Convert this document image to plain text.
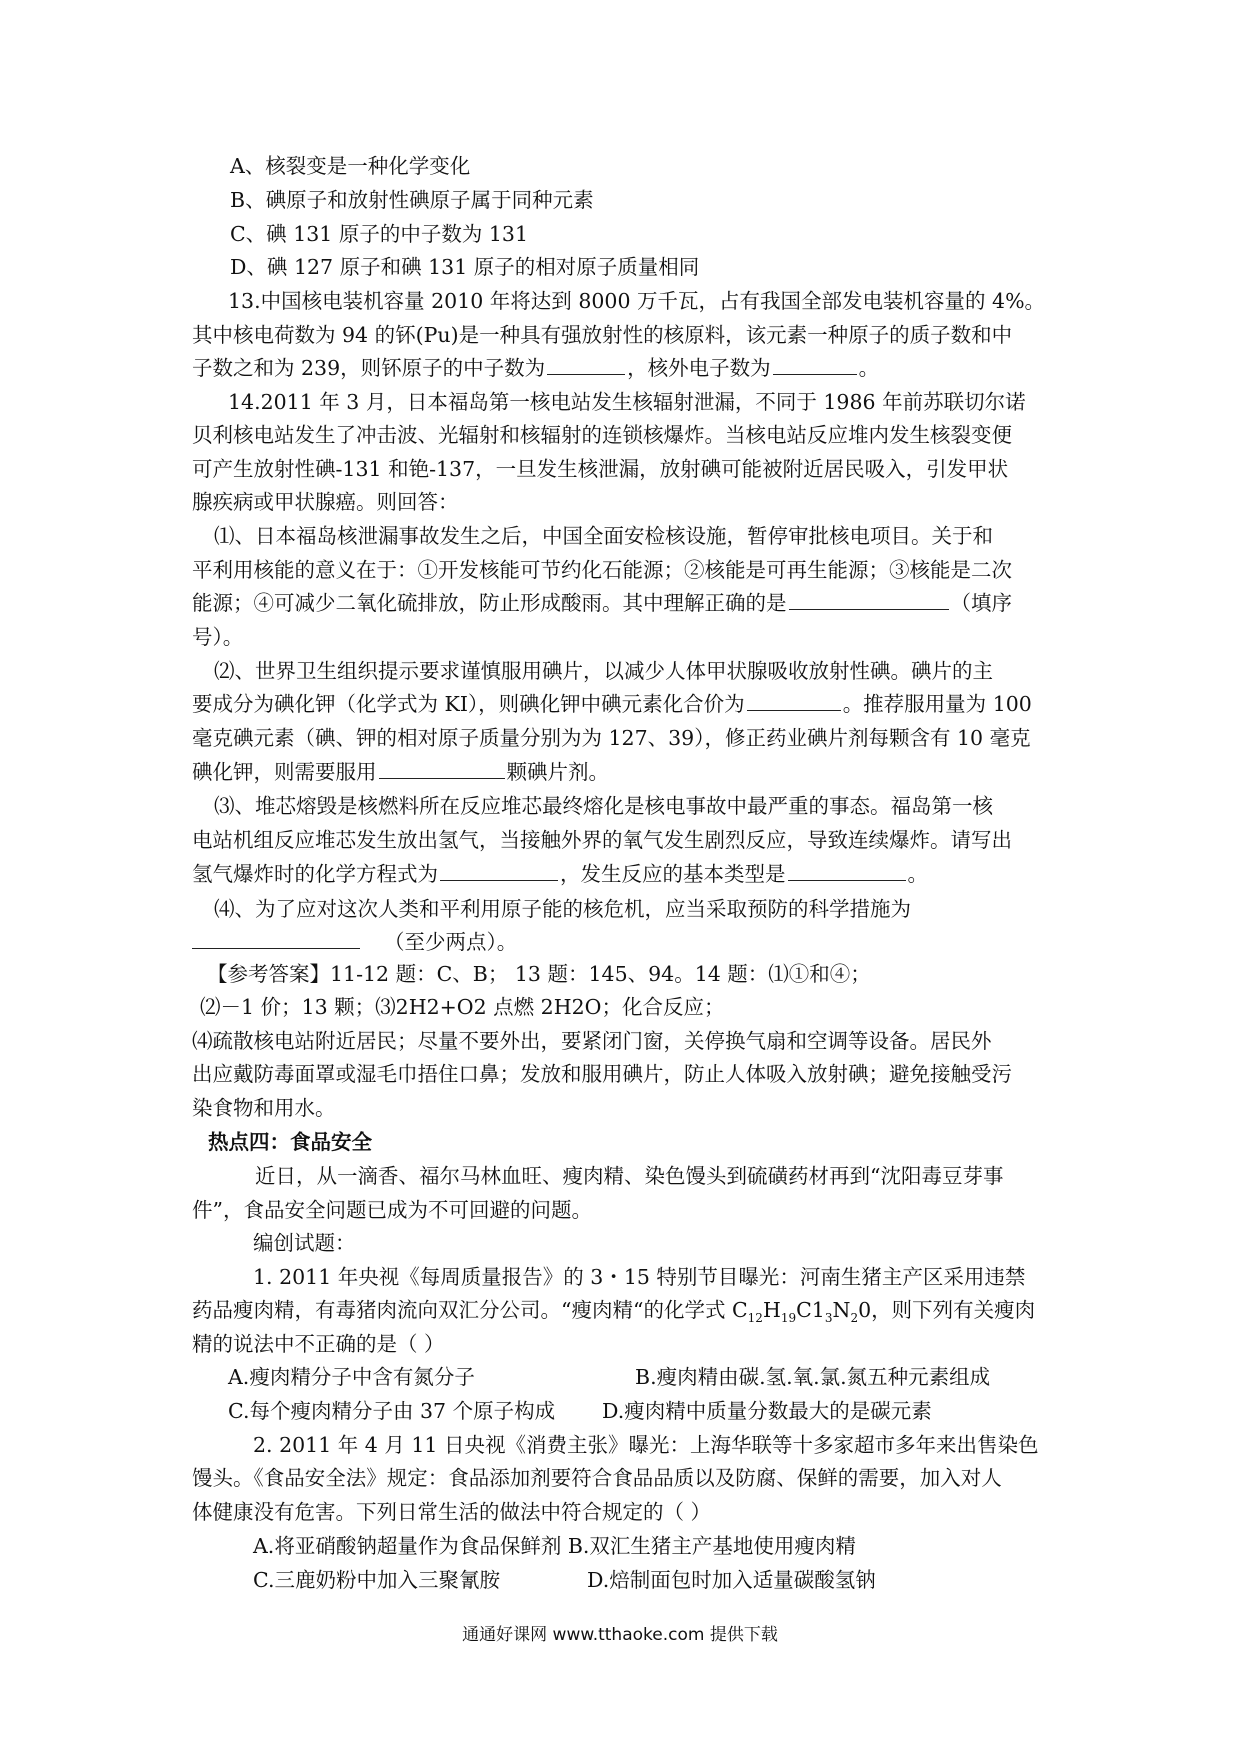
A、核裂变是一种化学变化
B、碘原子和放射性碘原子属于同种元素
C、碘 131 原子的中子数为 131
D、碘 127 原子和碘 131 原子的相对原子质量相同
13.中国核电装机容量 2010 年将达到 8000 万千瓦，占有我国全部发电装机容量的 4%。
其中核电荷数为 94 的钚(Pu)是一种具有强放射性的核原料，该元素一种原子的质子数和中
子数之和为 239，则钚原子的中子数为	，核外电子数为	。
14.2011 年 3 月，日本福岛第一核电站发生核辐射泄漏，不同于 1986 年前苏联切尔诺
贝利核电站发生了冲击波、光辐射和核辐射的连锁核爆炸。当核电站反应堆内发生核裂变便
可产生放射性碘-131 和铯-137，一旦发生核泄漏，放射碘可能被附近居民吸入，引发甲状
腺疾病或甲状腺癌。则回答：
⑴、日本福岛核泄漏事故发生之后，中国全面安检核设施，暂停审批核电项目。关于和
平利用核能的意义在于：①开发核能可节约化石能源；②核能是可再生能源；③核能是二次
能源；④可减少二氧化硫排放，防止形成酸雨。其中理解正确的是	（填序
号）。
⑵、世界卫生组织提示要求谨慎服用碘片，以减少人体甲状腺吸收放射性碘。碘片的主
要成分为碘化钾（化学式为 KI），则碘化钾中碘元素化合价为	。推荐服用量为 100
毫克碘元素（碘、钾的相对原子质量分别为为 127、39），修正药业碘片剂每颗含有 10 毫克
碘化钾，则需要服用	颗碘片剂。
⑶、堆芯熔毁是核燃料所在反应堆芯最终熔化是核电事故中最严重的事态。福岛第一核
电站机组反应堆芯发生放出氢气，当接触外界的氧气发生剧烈反应，导致连续爆炸。请写出
氢气爆炸时的化学方程式为	，发生反应的基本类型是	。
⑷、为了应对这次人类和平利用原子能的核危机，应当采取预防的科学措施为
（至少两点）。
【参考答案】11-12 题：C、B； 13 题：145、94。14 题：⑴①和④；
⑵－1 价；13 颗；⑶2H2+O2 点燃 2H2O；化合反应；
⑷疏散核电站附近居民；尽量不要外出，要紧闭门窗，关停换气扇和空调等设备。居民外
出应戴防毒面罩或湿毛巾捂住口鼻；发放和服用碘片，防止人体吸入放射碘；避免接触受污
染食物和用水。
热点四：食品安全
近日，从一滴香、福尔马林血旺、瘦肉精、染色馒头到硫磺药材再到“沈阳毒豆芽事
件”，食品安全问题已成为不可回避的问题。
编创试题：
1. 2011 年央视《每周质量报告》的 3・15 特别节目曝光：河南生猪主产区采用违禁
药品瘦肉精，有毒猪肉流向双汇分公司。“瘦肉精“的化学式 $C_{12}H_{19}C1_3N_20$，则下列有关瘦肉
精的说法中不正确的是（ ）
A.瘦肉精分子中含有氮分子	B.瘦肉精由碳.氢.氧.氯.氮五种元素组成
C.每个瘦肉精分子由 37 个原子构成 D.瘦肉精中质量分数最大的是碳元素
2. 2011 年 4 月 11 日央视《消费主张》曝光：上海华联等十多家超市多年来出售染色
馒头。《食品安全法》规定：食品添加剂要符合食品品质以及防腐、保鲜的需要，加入对人
体健康没有危害。下列日常生活的做法中符合规定的（ ）
A.将亚硝酸钠超量作为食品保鲜剂 B.双汇生猪主产基地使用瘦肉精
C.三鹿奶粉中加入三聚氰胺	D.焙制面包时加入适量碳酸氢钠
通通好课网 www.tthaoke.com 提供下载
